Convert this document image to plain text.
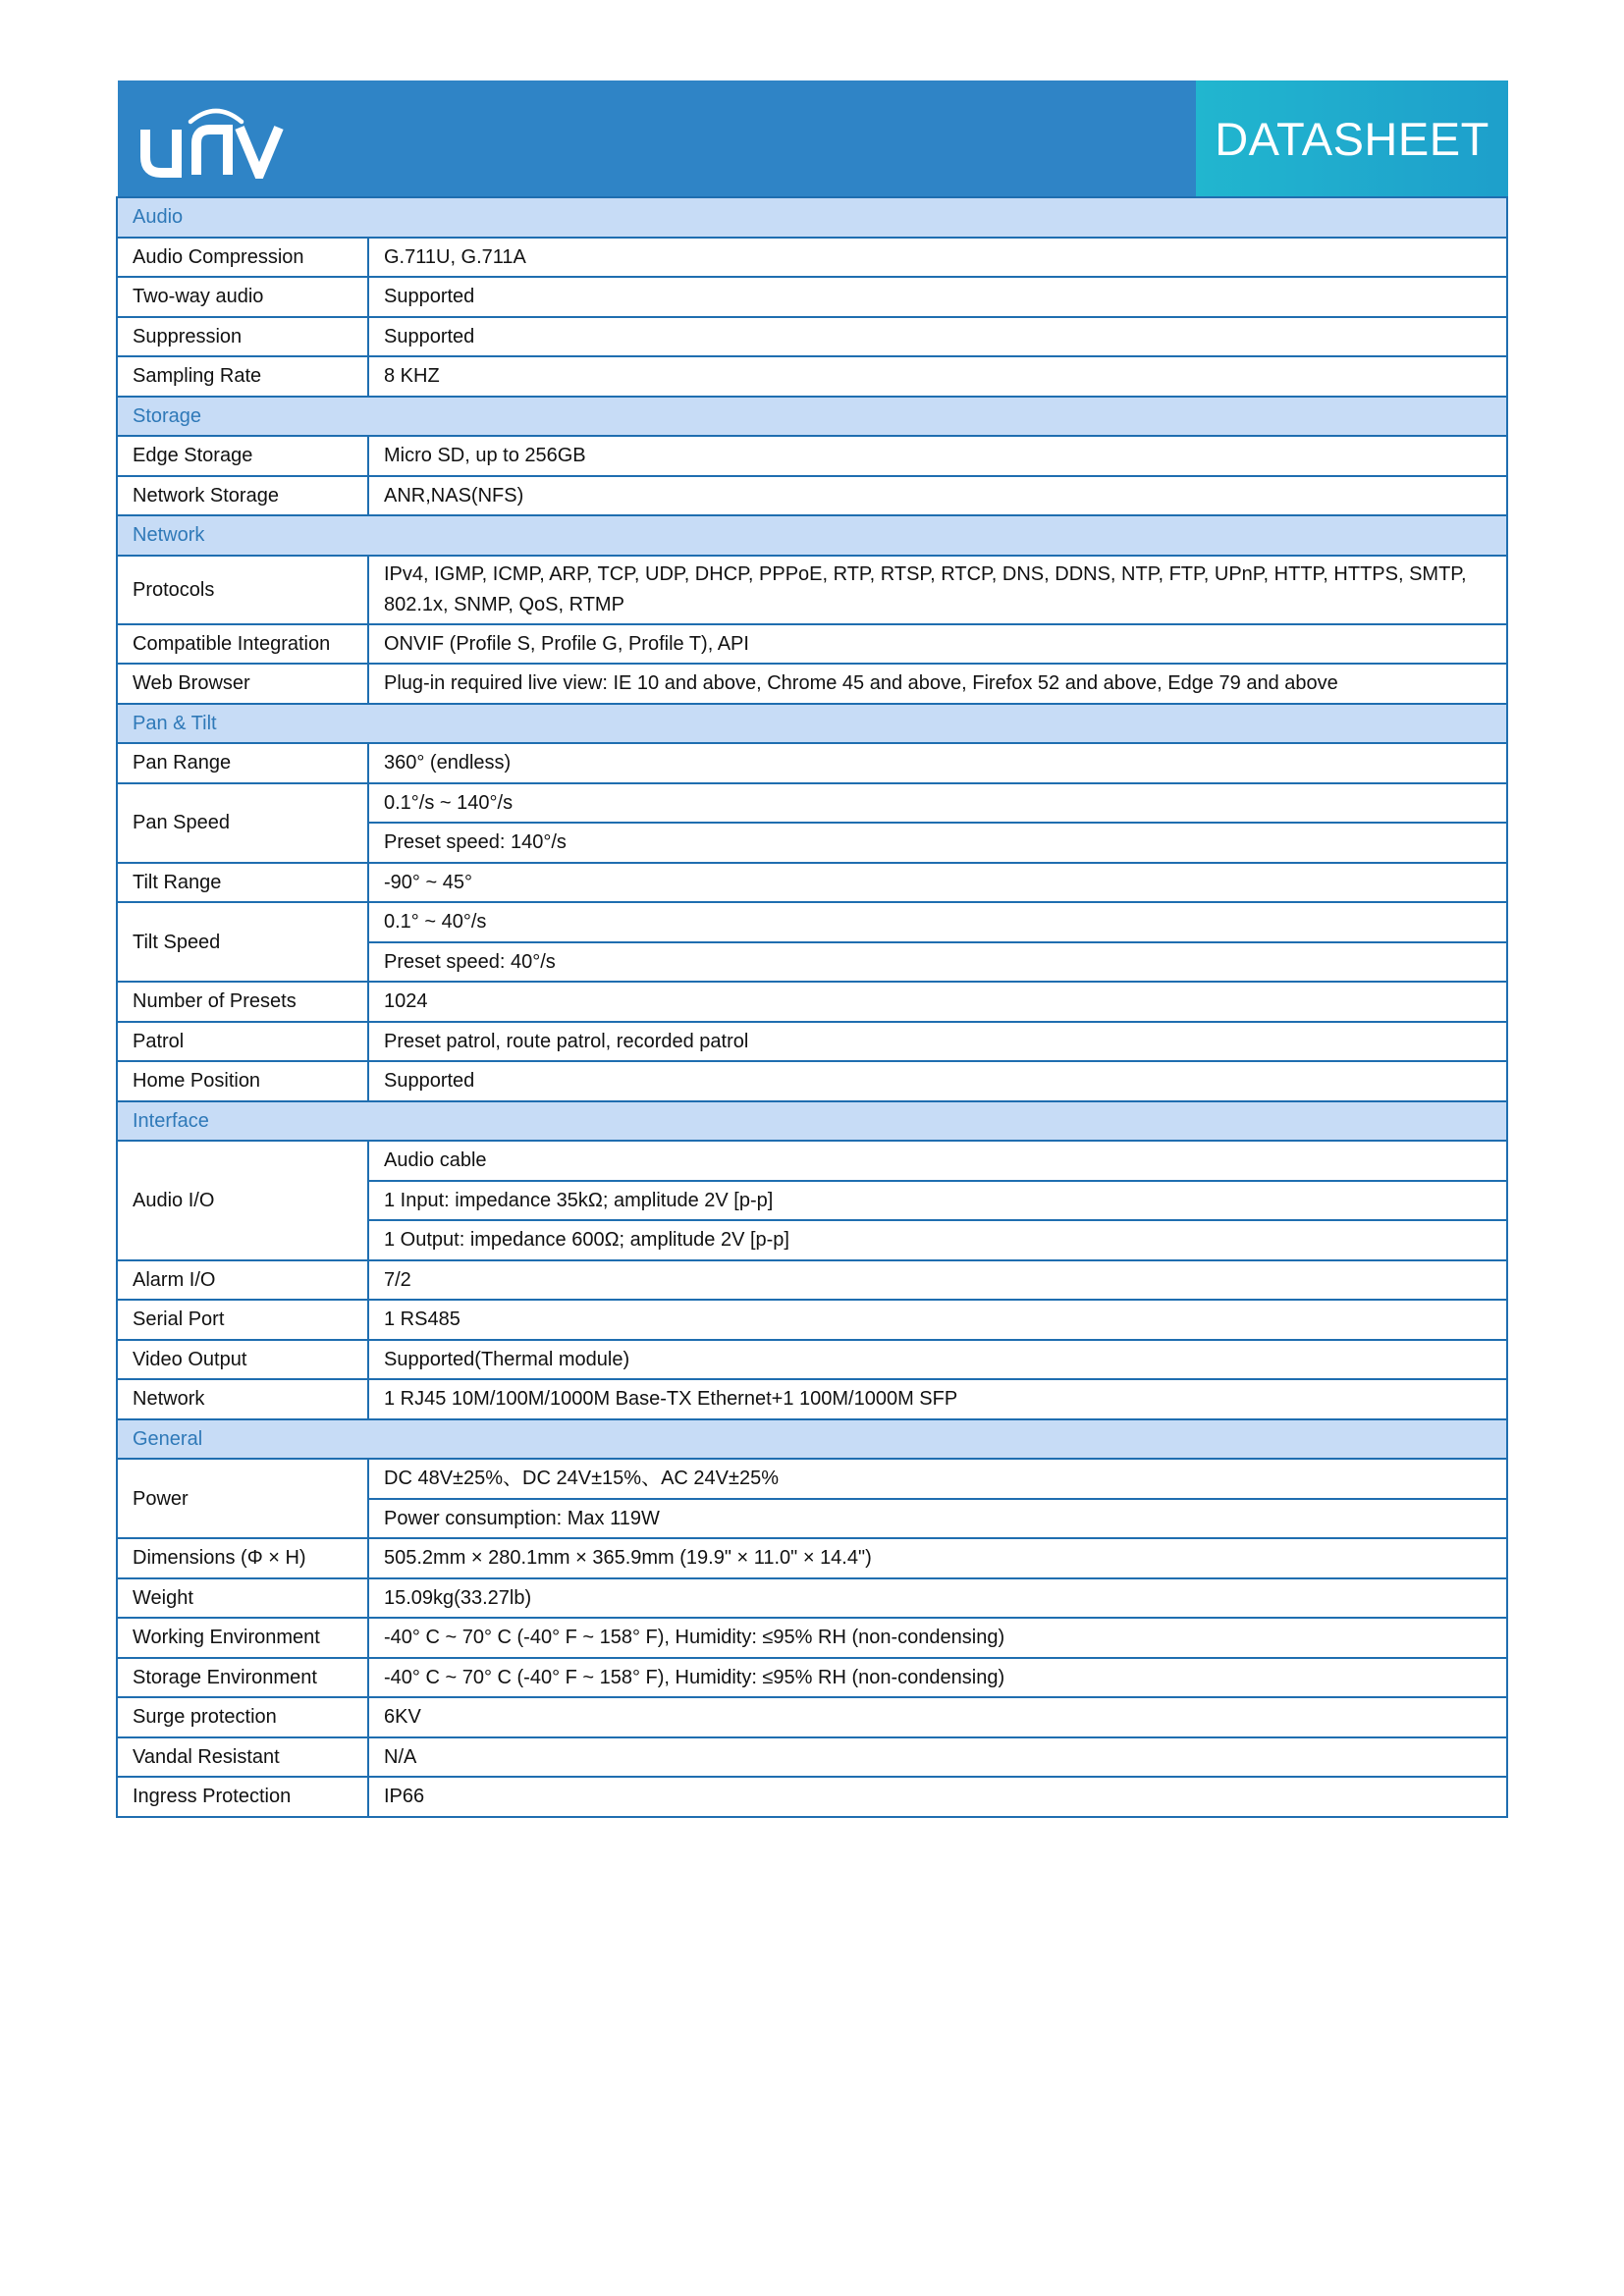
DATASHEET
Audio	
Audio Compression	G.711U, G.711A
Two-way audio	Supported
Suppression	Supported
Sampling Rate	8 KHZ
Storage	
Edge Storage	Micro SD, up to 256GB
Network Storage	ANR,NAS(NFS)
Network	
Protocols	IPv4, IGMP, ICMP, ARP, TCP, UDP, DHCP, PPPoE, RTP, RTSP, RTCP, DNS, DDNS, NTP, FTP, UPnP, HTTP, HTTPS, SMTP, 802.1x, SNMP, QoS, RTMP
Compatible Integration	ONVIF (Profile S, Profile G, Profile T), API
Web Browser	Plug-in required live view: IE 10 and above, Chrome 45 and above, Firefox 52 and above, Edge 79 and above
Pan & Tilt	
Pan Range	360° (endless)
Pan Speed	0.1°/s ~ 140°/s
	Preset speed: 140°/s
Tilt Range	-90° ~ 45°
Tilt Speed	0.1° ~ 40°/s
	Preset speed: 40°/s
Number of Presets	1024
Patrol	Preset patrol, route patrol, recorded patrol
Home Position	Supported
Interface	
Audio I/O	Audio cable
	1 Input: impedance 35kΩ; amplitude 2V [p-p]
	1 Output: impedance 600Ω; amplitude 2V [p-p]
Alarm I/O	7/2
Serial Port	1 RS485
Video Output	Supported(Thermal module)
Network	1 RJ45 10M/100M/1000M Base-TX Ethernet+1 100M/1000M SFP
General	
Power	DC 48V±25%、DC 24V±15%、AC 24V±25%
	Power consumption: Max 119W
Dimensions (Φ × H)	505.2mm × 280.1mm × 365.9mm (19.9" × 11.0" × 14.4")
Weight	15.09kg(33.27lb)
Working Environment	-40° C ~ 70° C (-40° F ~ 158° F), Humidity: ≤95% RH (non-condensing)
Storage Environment	-40° C ~ 70° C (-40° F ~ 158° F), Humidity: ≤95% RH (non-condensing)
Surge protection	6KV
Vandal Resistant	N/A
Ingress Protection	IP66
